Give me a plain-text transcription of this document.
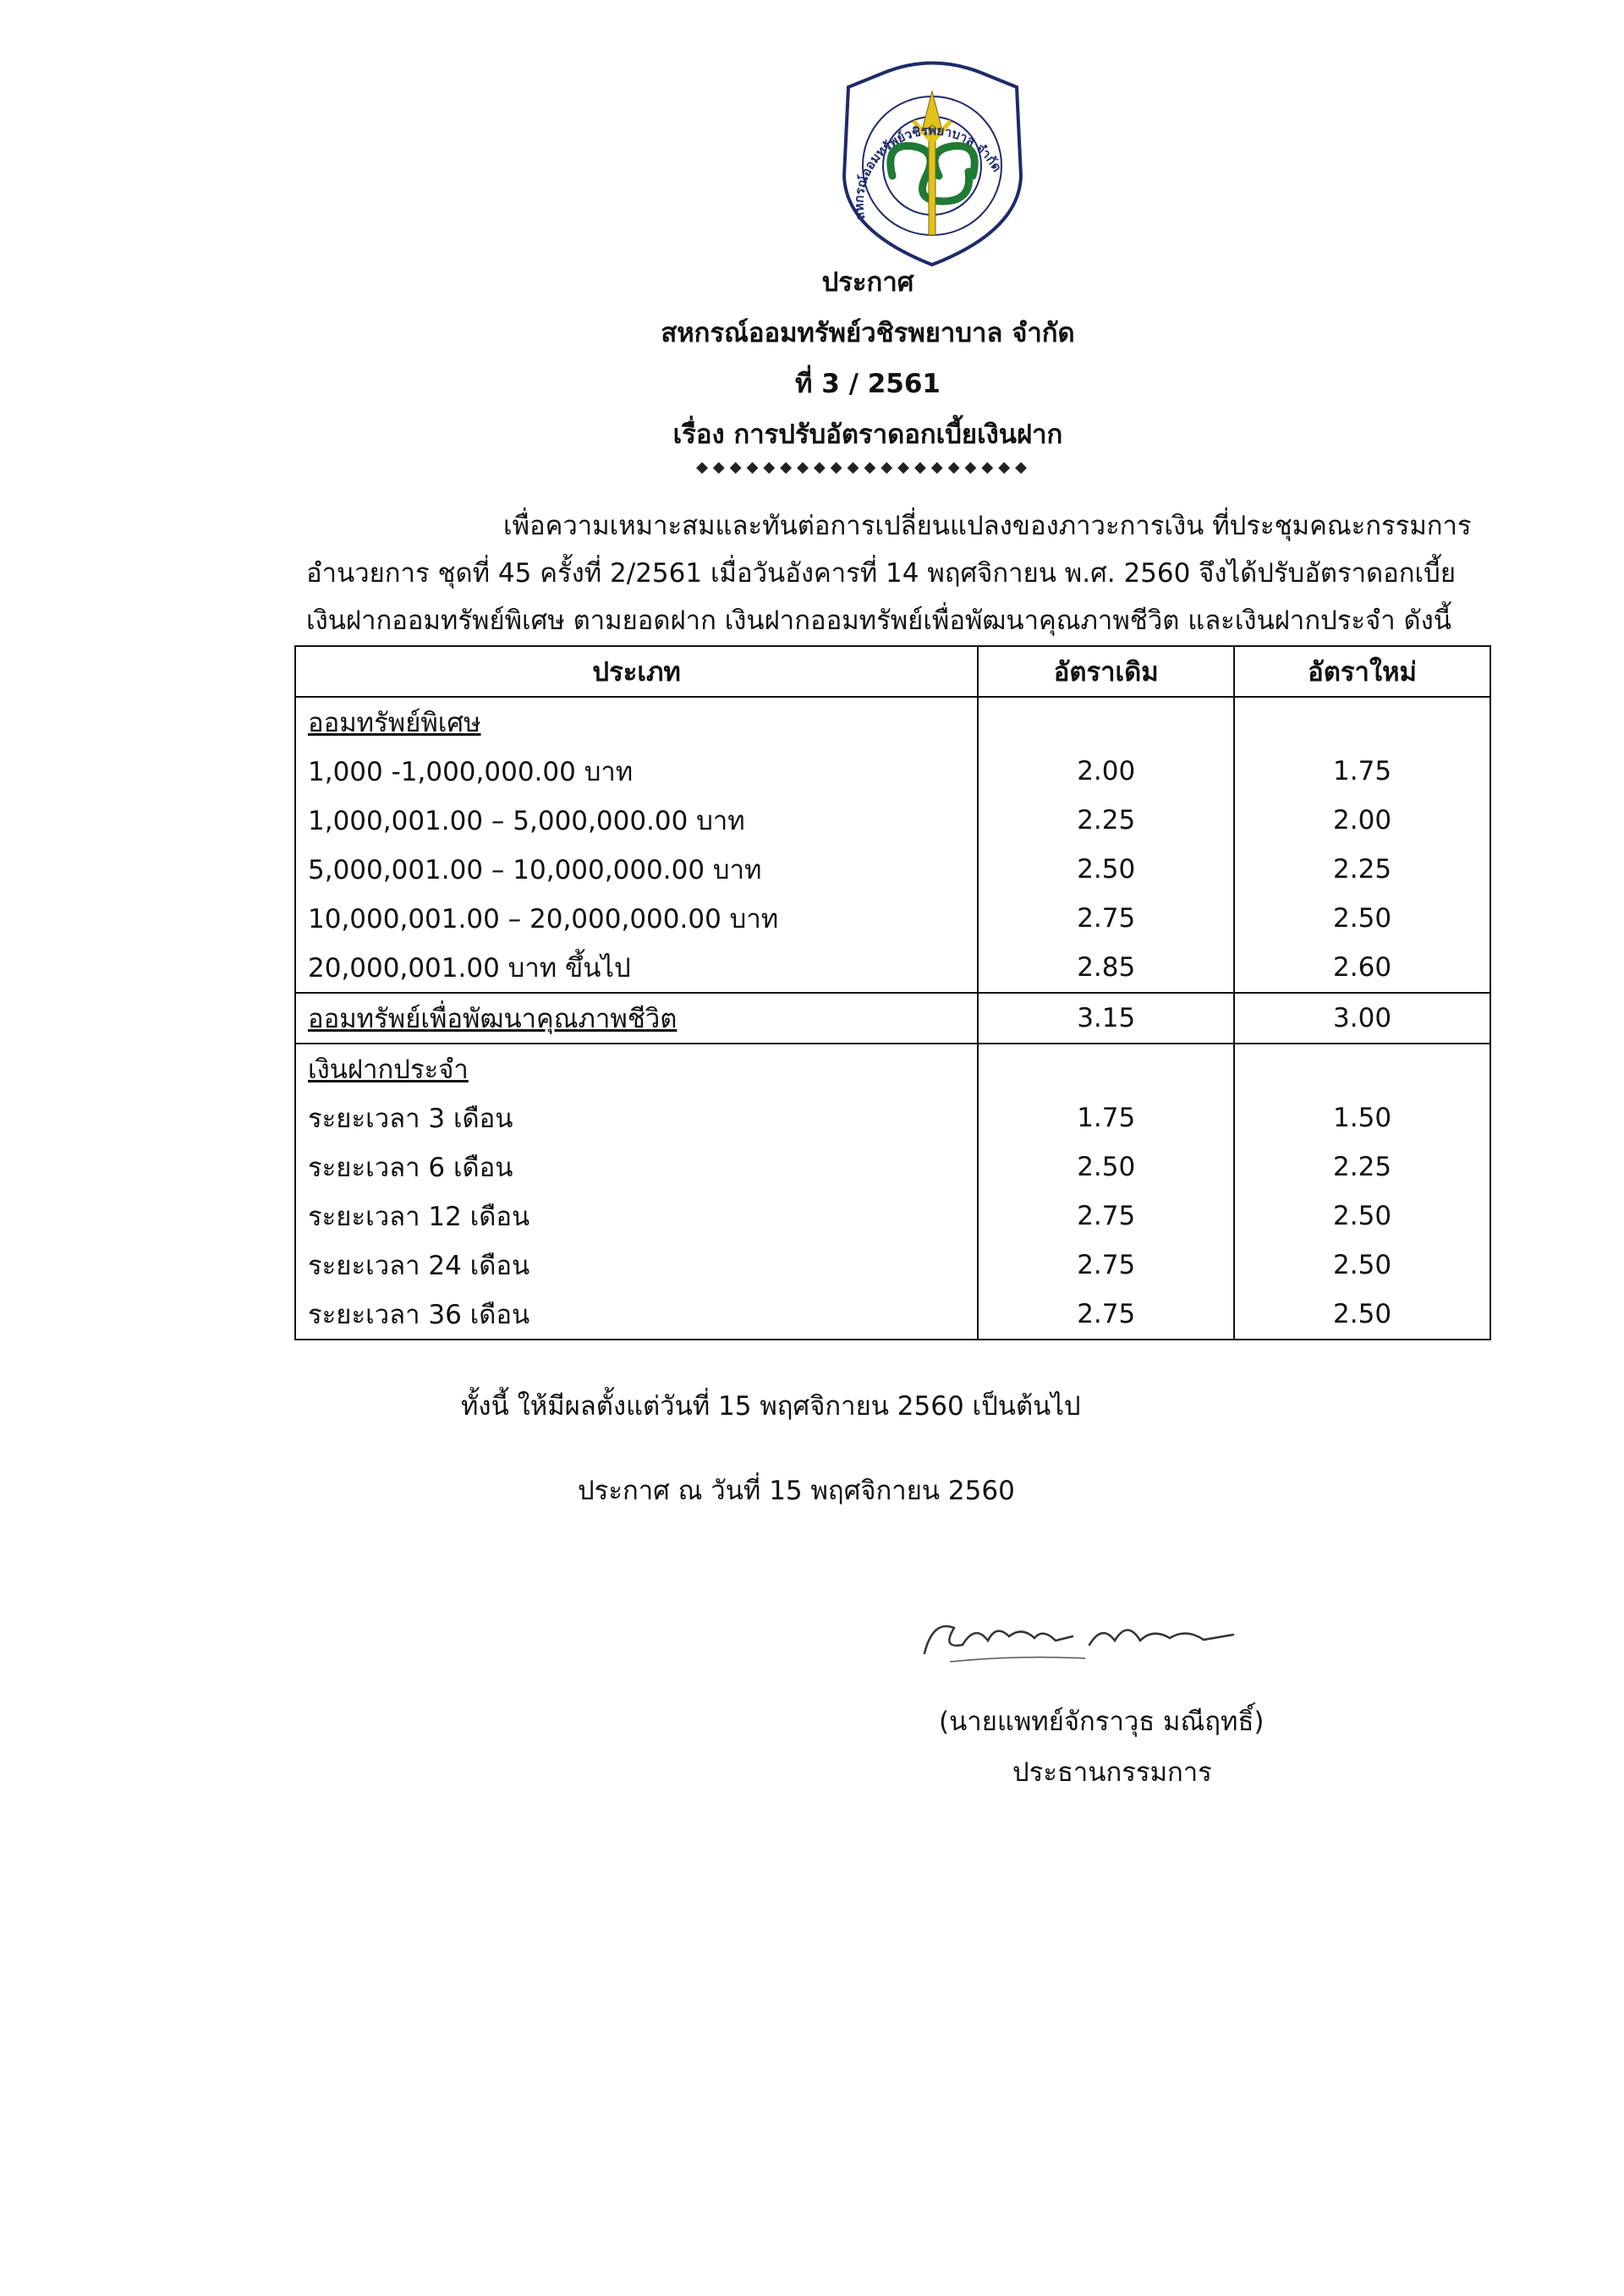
สหกรณ์ออมทรัพย์วชิรพยาบาล จำกัด
ประกาศ
สหกรณ์ออมทรัพย์วชิรพยาบาล จำกัด
ที่ 3 / 2561
เรื่อง การปรับอัตราดอกเบี้ยเงินฝาก
◆◆◆◆◆◆◆◆◆◆◆◆◆◆◆◆◆◆◆◆
เพื่อความเหมาะสมและทันต่อการเปลี่ยนแปลงของภาวะการเงิน ที่ประชุมคณะกรรมการ
อำนวยการ ชุดที่ 45 ครั้งที่ 2/2561 เมื่อวันอังคารที่ 14 พฤศจิกายน พ.ศ. 2560 จึงได้ปรับอัตราดอกเบี้ย
เงินฝากออมทรัพย์พิเศษ ตามยอดฝาก เงินฝากออมทรัพย์เพื่อพัฒนาคุณภาพชีวิต และเงินฝากประจำ ดังนี้
ประเภท	อัตราเดิม	อัตราใหม่
ออมทรัพย์พิเศษ		
1,000 -1,000,000.00 บาท	2.00	1.75
1,000,001.00 – 5,000,000.00 บาท	2.25	2.00
5,000,001.00 – 10,000,000.00 บาท	2.50	2.25
10,000,001.00 – 20,000,000.00 บาท	2.75	2.50
20,000,001.00 บาท ขึ้นไป	2.85	2.60
ออมทรัพย์เพื่อพัฒนาคุณภาพชีวิต	3.15	3.00
เงินฝากประจำ		
ระยะเวลา 3 เดือน	1.75	1.50
ระยะเวลา 6 เดือน	2.50	2.25
ระยะเวลา 12 เดือน	2.75	2.50
ระยะเวลา 24 เดือน	2.75	2.50
ระยะเวลา 36 เดือน	2.75	2.50
ทั้งนี้ ให้มีผลตั้งแต่วันที่ 15 พฤศจิกายน 2560 เป็นต้นไป
ประกาศ ณ วันที่ 15 พฤศจิกายน 2560
(นายแพทย์จักราวุธ มณีฤทธิ์)
ประธานกรรมการ
